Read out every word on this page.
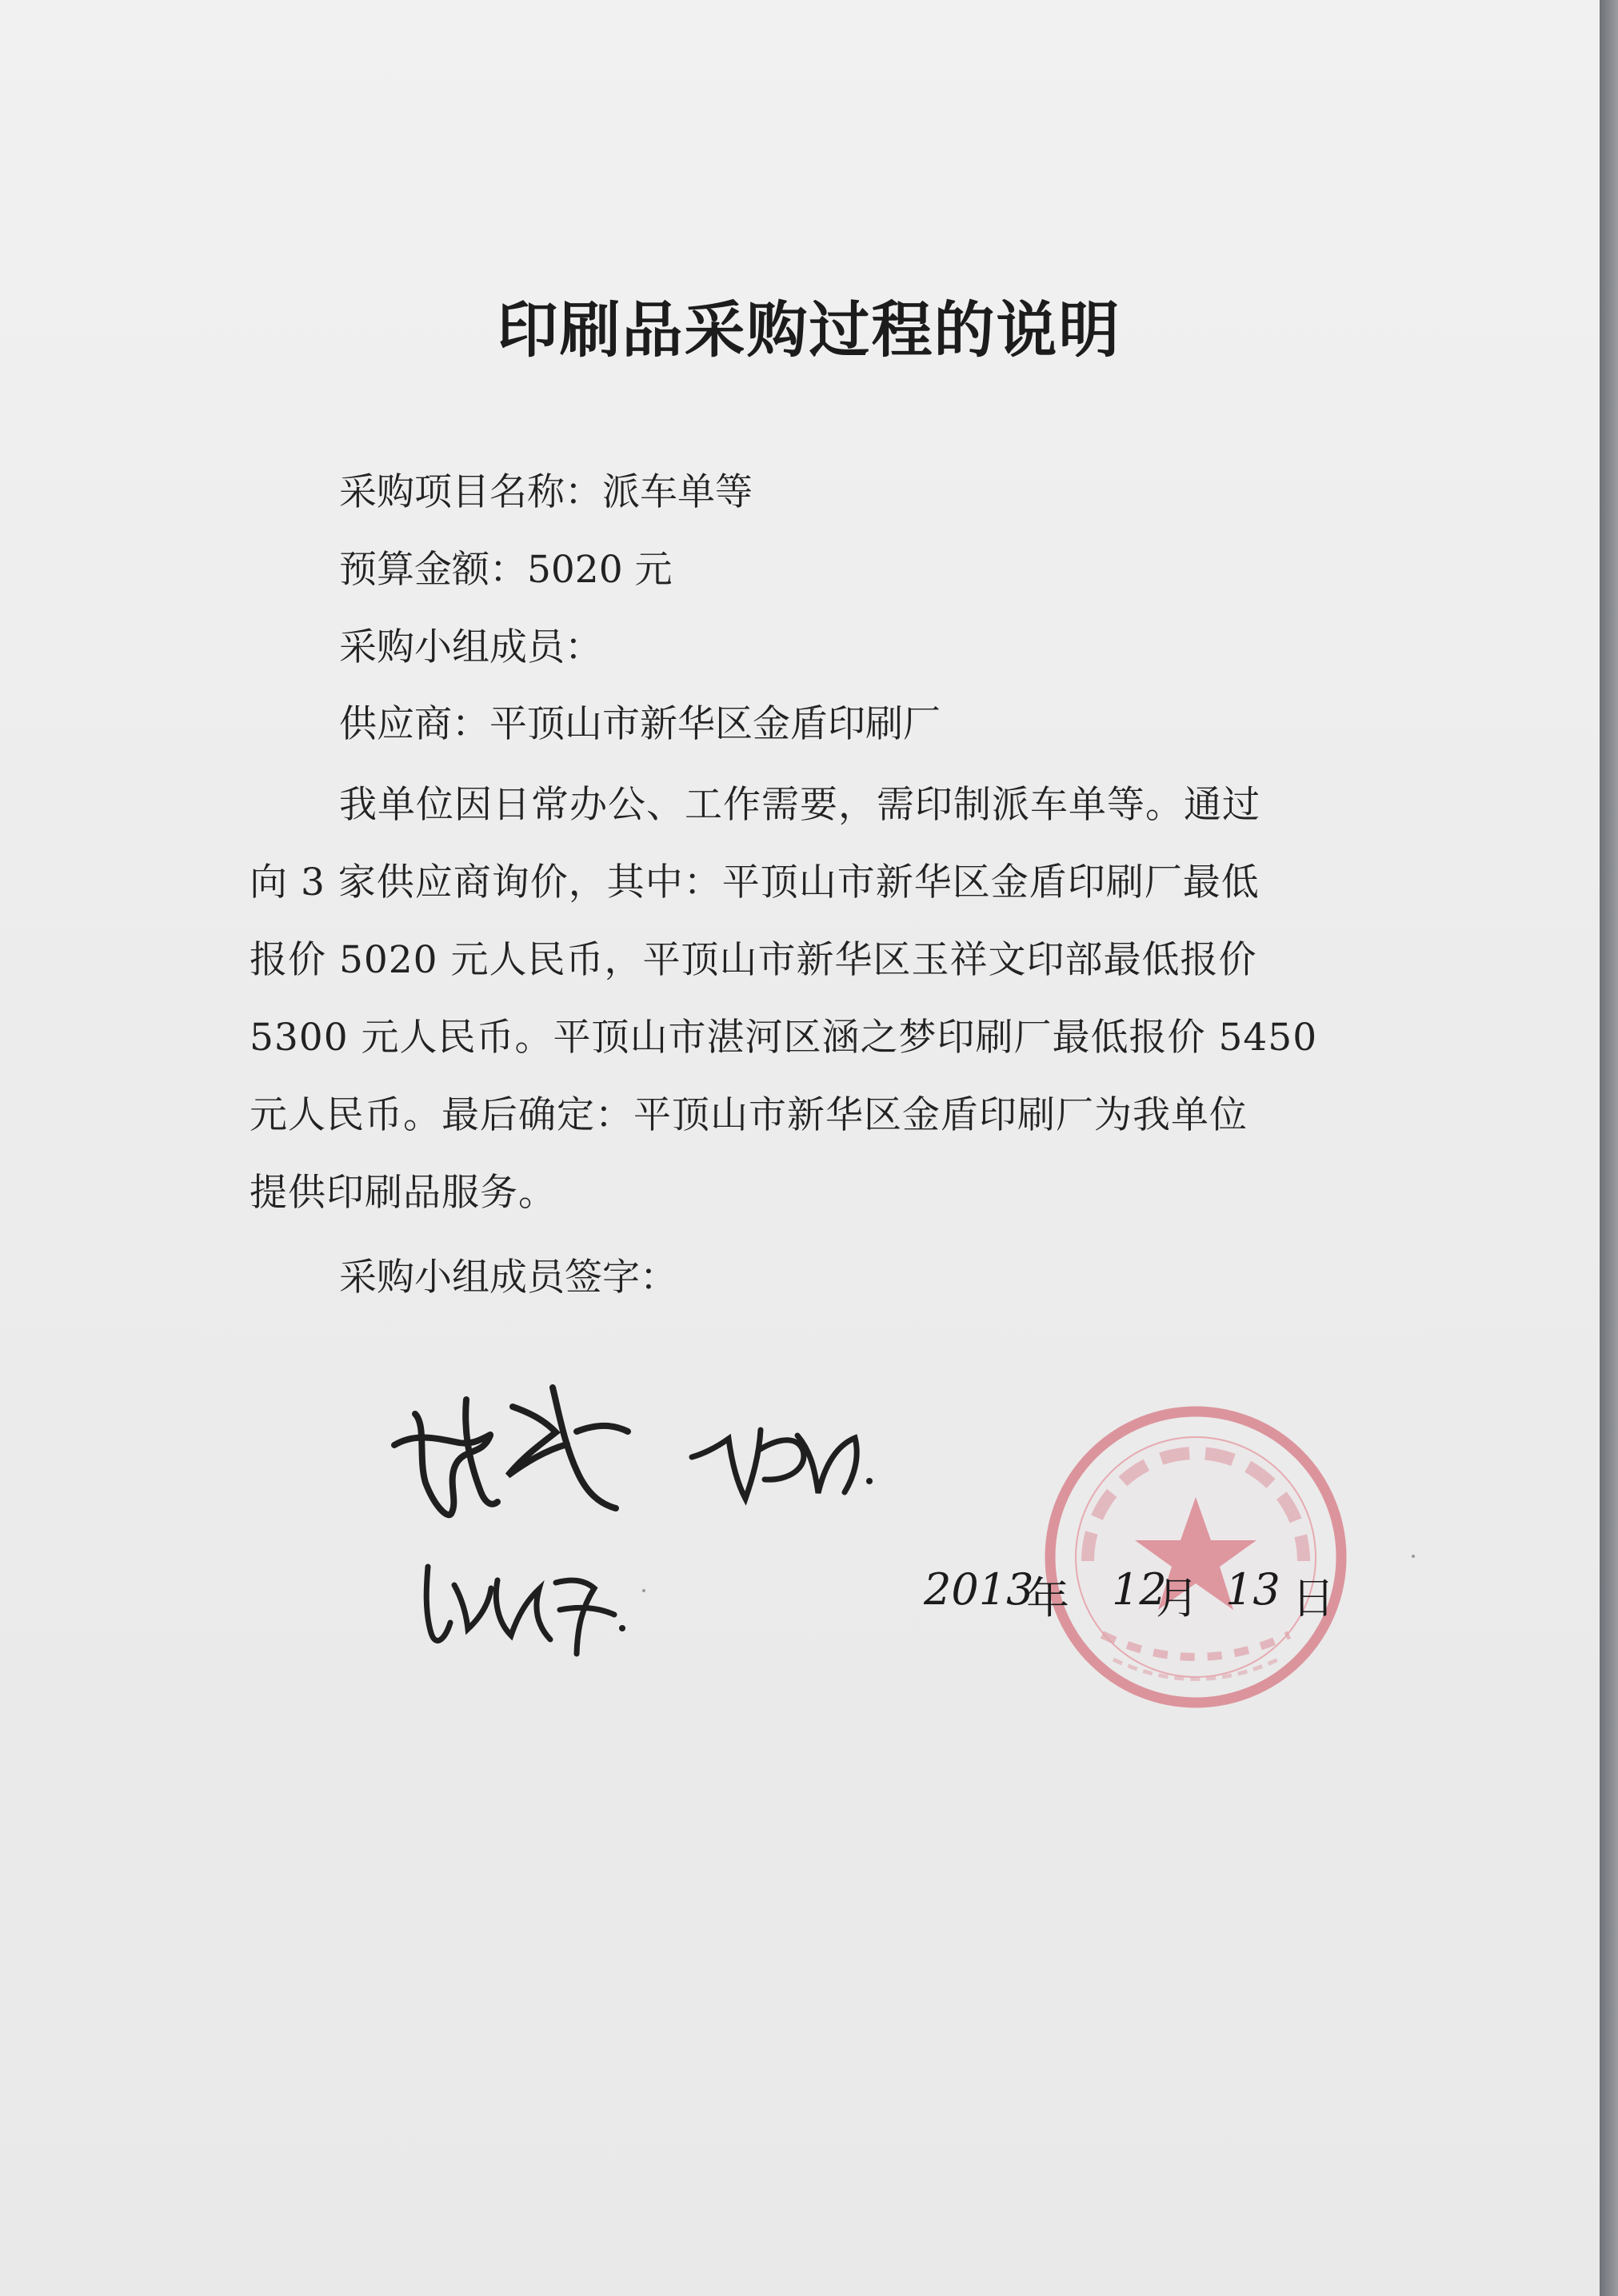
印刷品采购过程的说明
采购项目名称：派车单等
预算金额：5020 元
采购小组成员：
供应商：平顶山市新华区金盾印刷厂
我单位因日常办公、工作需要，需印制派车单等。通过
向 3 家供应商询价，其中：平顶山市新华区金盾印刷厂最低
报价 5020 元人民币，平顶山市新华区玉祥文印部最低报价
5300 元人民币。平顶山市湛河区涵之梦印刷厂最低报价 5450
元人民币。最后确定：平顶山市新华区金盾印刷厂为我单位
提供印刷品服务。
采购小组成员签字：
2013
年 12
月 13 日
